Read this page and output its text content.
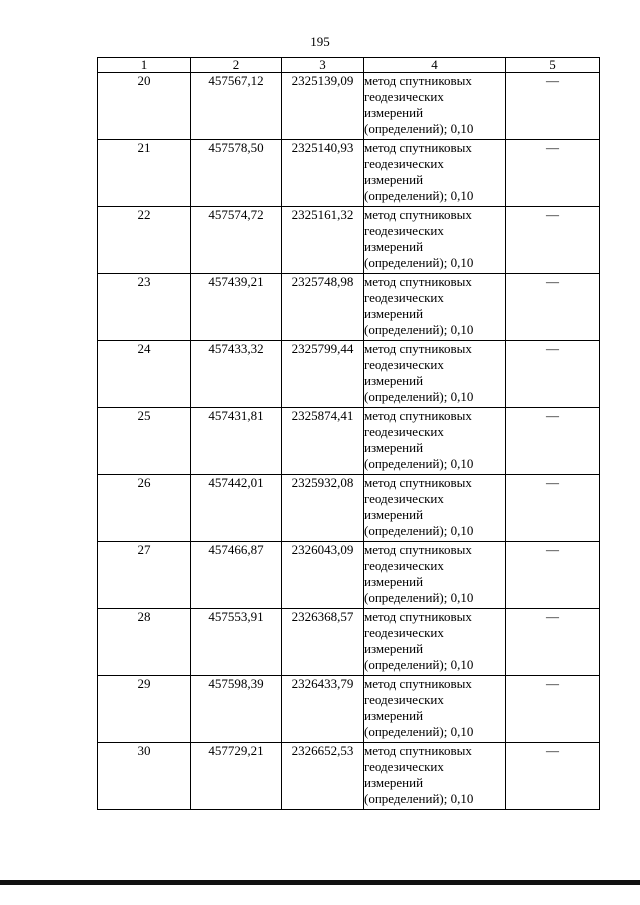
195
1	2	3	4	5
20	457567,12	2325139,09	метод спутниковых
геодезических
измерений
(определений); 0,10	—
21	457578,50	2325140,93	метод спутниковых
геодезических
измерений
(определений); 0,10	—
22	457574,72	2325161,32	метод спутниковых
геодезических
измерений
(определений); 0,10	—
23	457439,21	2325748,98	метод спутниковых
геодезических
измерений
(определений); 0,10	—
24	457433,32	2325799,44	метод спутниковых
геодезических
измерений
(определений); 0,10	—
25	457431,81	2325874,41	метод спутниковых
геодезических
измерений
(определений); 0,10	—
26	457442,01	2325932,08	метод спутниковых
геодезических
измерений
(определений); 0,10	—
27	457466,87	2326043,09	метод спутниковых
геодезических
измерений
(определений); 0,10	—
28	457553,91	2326368,57	метод спутниковых
геодезических
измерений
(определений); 0,10	—
29	457598,39	2326433,79	метод спутниковых
геодезических
измерений
(определений); 0,10	—
30	457729,21	2326652,53	метод спутниковых
геодезических
измерений
(определений); 0,10	—
